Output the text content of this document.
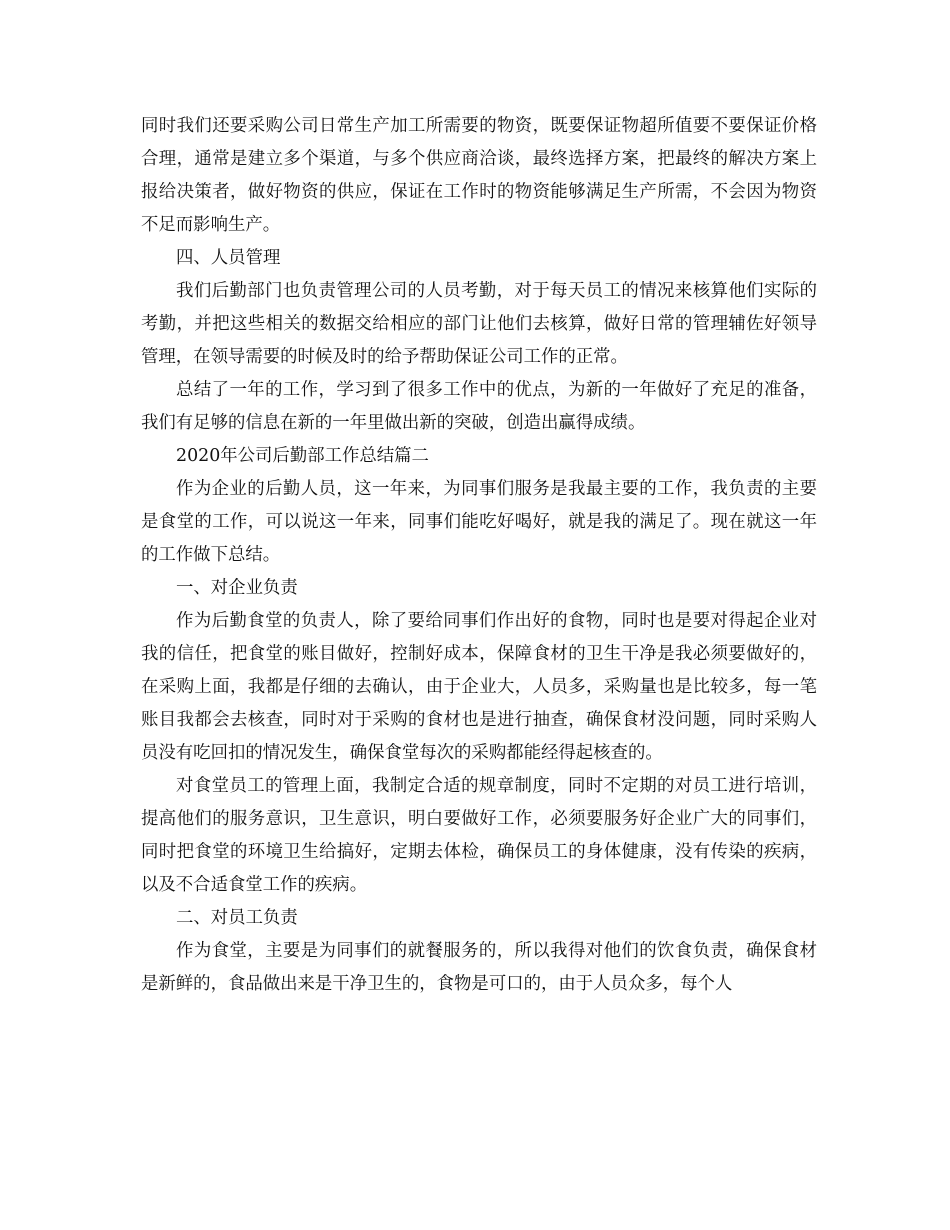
同时我们还要采购公司日常生产加工所需要的物资，既要保证物超所值要不要保证价格合理，通常是建立多个渠道，与多个供应商洽谈，最终选择方案，把最终的解决方案上报给决策者，做好物资的供应，保证在工作时的物资能够满足生产所需，不会因为物资不足而影响生产。

四、人员管理

我们后勤部门也负责管理公司的人员考勤，对于每天员工的情况来核算他们实际的考勤，并把这些相关的数据交给相应的部门让他们去核算，做好日常的管理辅佐好领导管理，在领导需要的时候及时的给予帮助保证公司工作的正常。

总结了一年的工作，学习到了很多工作中的优点，为新的一年做好了充足的准备，我们有足够的信息在新的一年里做出新的突破，创造出赢得成绩。

2020年公司后勤部工作总结篇二

作为企业的后勤人员，这一年来，为同事们服务是我最主要的工作，我负责的主要是食堂的工作，可以说这一年来，同事们能吃好喝好，就是我的满足了。现在就这一年的工作做下总结。

一、对企业负责

作为后勤食堂的负责人，除了要给同事们作出好的食物，同时也是要对得起企业对我的信任，把食堂的账目做好，控制好成本，保障食材的卫生干净是我必须要做好的，在采购上面，我都是仔细的去确认，由于企业大，人员多，采购量也是比较多，每一笔账目我都会去核查，同时对于采购的食材也是进行抽查，确保食材没问题，同时采购人员没有吃回扣的情况发生，确保食堂每次的采购都能经得起核查的。

对食堂员工的管理上面，我制定合适的规章制度，同时不定期的对员工进行培训，提高他们的服务意识，卫生意识，明白要做好工作，必须要服务好企业广大的同事们，同时把食堂的环境卫生给搞好，定期去体检，确保员工的身体健康，没有传染的疾病，以及不合适食堂工作的疾病。

二、对员工负责

作为食堂，主要是为同事们的就餐服务的，所以我得对他们的饮食负责，确保食材是新鲜的，食品做出来是干净卫生的，食物是可口的，由于人员众多，每个人
